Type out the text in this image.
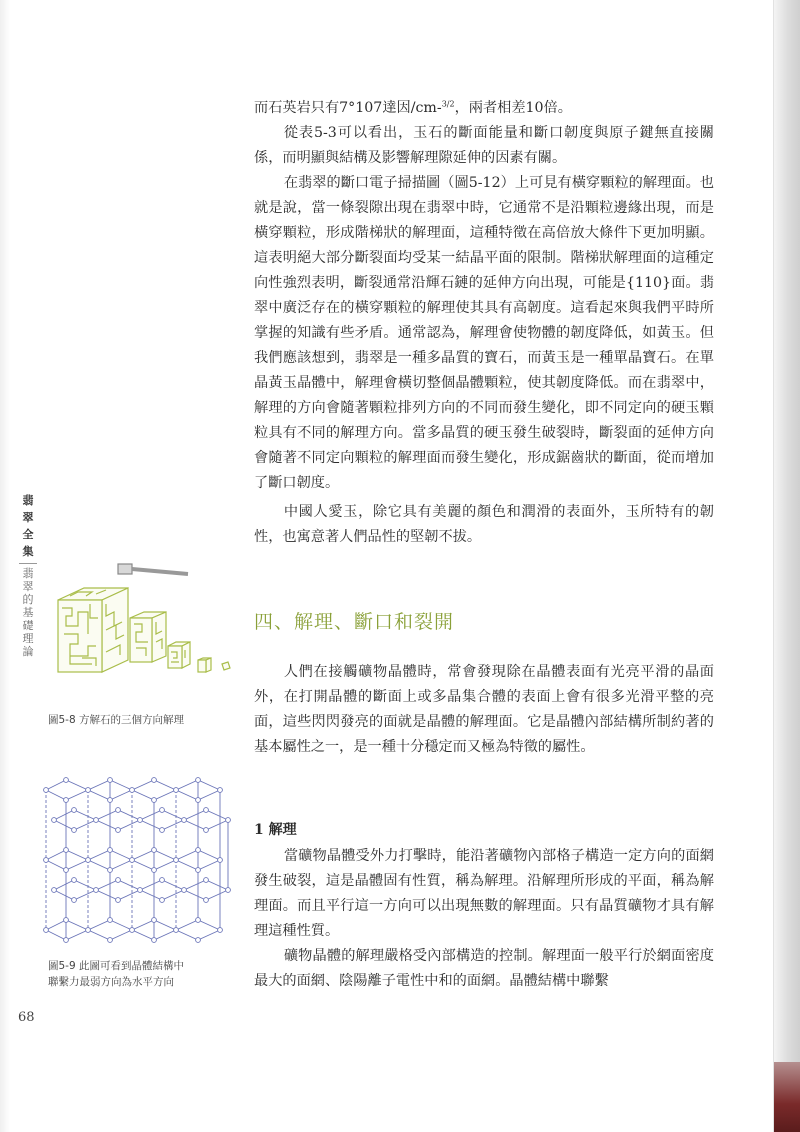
翡
翠
全
集
翡
翠
的
基
礎
理
論

而石英岩只有7°107達因/cm-$^{3/2}$，兩者相差10倍。

從表5-3可以看出，玉石的斷面能量和斷口韌度與原子鍵無直接關係，而明顯與結構及影響解理隙延伸的因素有關。

在翡翠的斷口電子掃描圖（圖5-12）上可見有橫穿顆粒的解理面。也就是說，當一條裂隙出現在翡翠中時，它通常不是沿顆粒邊緣出現，而是橫穿顆粒，形成階梯狀的解理面，這種特徵在高倍放大條件下更加明顯。這表明絕大部分斷裂面均受某一結晶平面的限制。階梯狀解理面的這種定向性強烈表明，斷裂通常沿輝石鏈的延伸方向出現，可能是{110}面。翡翠中廣泛存在的橫穿顆粒的解理使其具有高韌度。這看起來與我們平時所掌握的知識有些矛盾。通常認為，解理會使物體的韌度降低，如黃玉。但我們應該想到，翡翠是一種多晶質的寶石，而黃玉是一種單晶寶石。在單晶黃玉晶體中，解理會橫切整個晶體顆粒，使其韌度降低。而在翡翠中，解理的方向會隨著顆粒排列方向的不同而發生變化，即不同定向的硬玉顆粒具有不同的解理方向。當多晶質的硬玉發生破裂時，斷裂面的延伸方向會隨著不同定向顆粒的解理面而發生變化，形成鋸齒狀的斷面，從而增加了斷口韌度。

中國人愛玉，除它具有美麗的顏色和潤滑的表面外，玉所特有的韌性，也寓意著人們品性的堅韌不拔。

四、解理、斷口和裂開

人們在接觸礦物晶體時，常會發現除在晶體表面有光亮平滑的晶面外，在打開晶體的斷面上或多晶集合體的表面上會有很多光滑平整的亮面，這些閃閃發亮的面就是晶體的解理面。它是晶體內部結構所制約著的基本屬性之一，是一種十分穩定而又極為特徵的屬性。

1 解理

當礦物晶體受外力打擊時，能沿著礦物內部格子構造一定方向的面網發生破裂，這是晶體固有性質，稱為解理。沿解理所形成的平面，稱為解理面。而且平行這一方向可以出現無數的解理面。只有晶質礦物才具有解理這種性質。

礦物晶體的解理嚴格受內部構造的控制。解理面一般平行於網面密度最大的面網、陰陽離子電性中和的面網。晶體結構中聯繫

圖5-8 方解石的三個方向解理
圖5-9 此圖可看到晶體結構中
聯繫力最弱方向為水平方向
68
